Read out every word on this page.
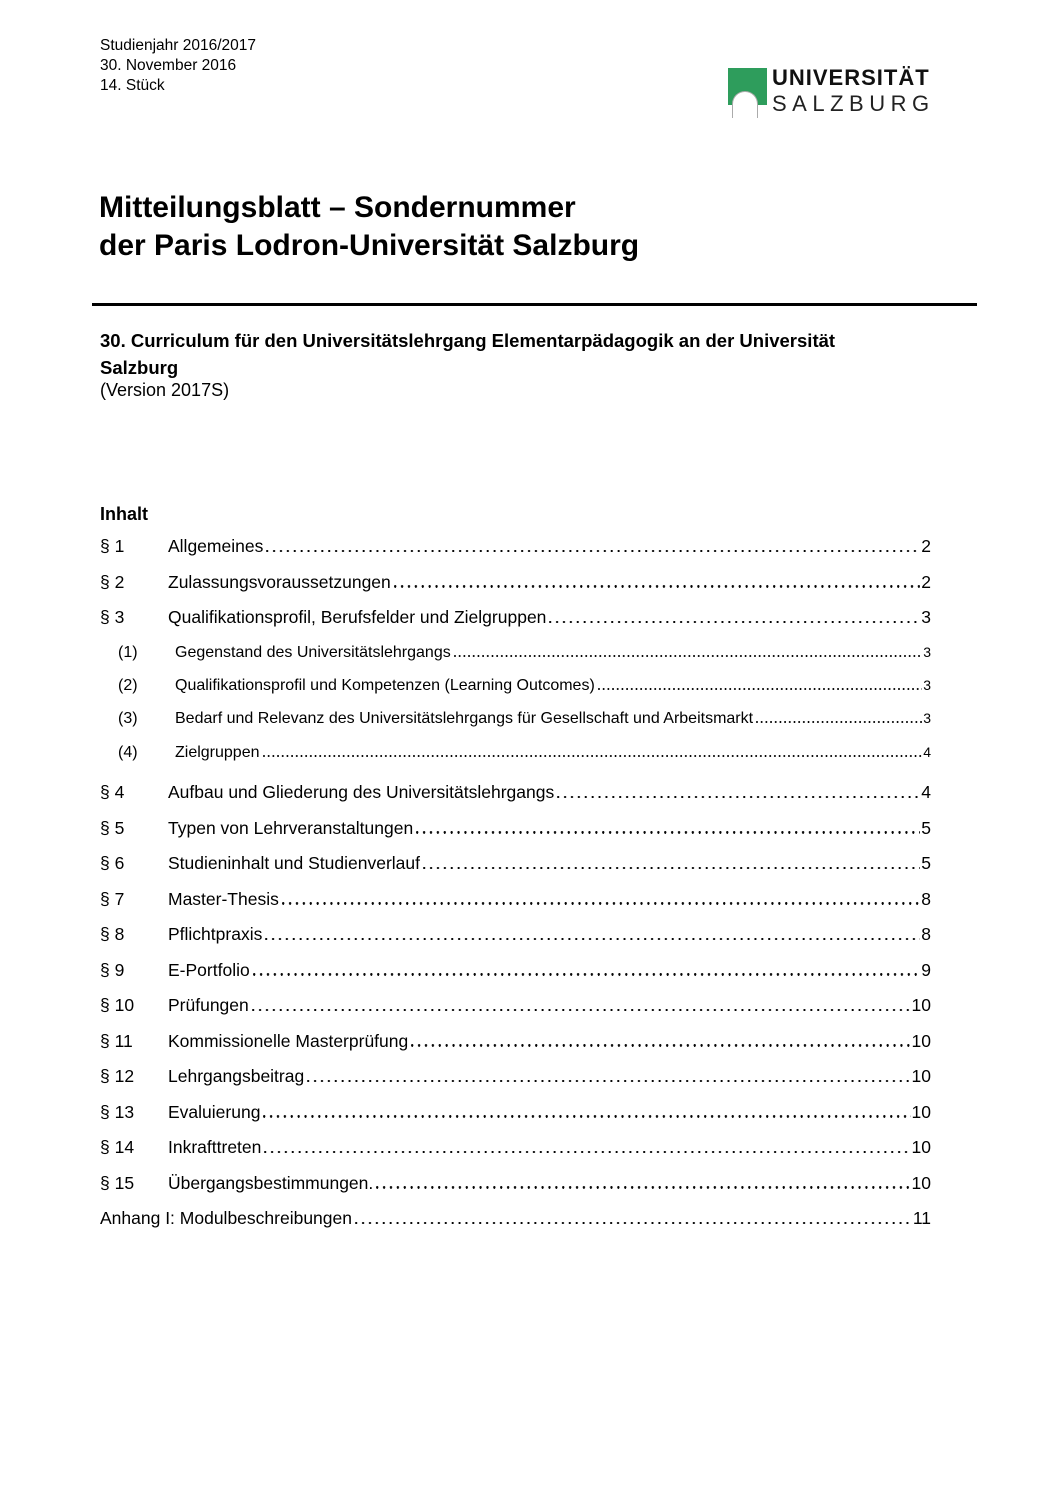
Studienjahr 2016/2017
30. November 2016
14. Stück	UNIVERSITÄT
SALZBURG
Mitteilungsblatt – Sondernummer
der Paris Lodron-Universität Salzburg
30. Curriculum für den Universitätslehrgang Elementarpädagogik an der Universität
Salzburg
(Version 2017S)
Inhalt
§ 1	Allgemeines	2
§ 2	Zulassungsvoraussetzungen	2
§ 3	Qualifikationsprofil, Berufsfelder und Zielgruppen	3
(1)	Gegenstand des Universitätslehrgangs	3
(2)	Qualifikationsprofil und Kompetenzen (Learning Outcomes)	3
(3)	Bedarf und Relevanz des Universitätslehrgangs für Gesellschaft und Arbeitsmarkt	3
(4)	Zielgruppen	4
§ 4	Aufbau und Gliederung des Universitätslehrgangs	4
§ 5	Typen von Lehrveranstaltungen	5
§ 6	Studieninhalt und Studienverlauf	5
§ 7	Master-Thesis	8
§ 8	Pflichtpraxis	8
§ 9	E-Portfolio	9
§ 10	Prüfungen	10
§ 11	Kommissionelle Masterprüfung	10
§ 12	Lehrgangsbeitrag	10
§ 13	Evaluierung	10
§ 14	Inkrafttreten	10
§ 15	Übergangsbestimmungen.	10
Anhang I: Modulbeschreibungen	11
